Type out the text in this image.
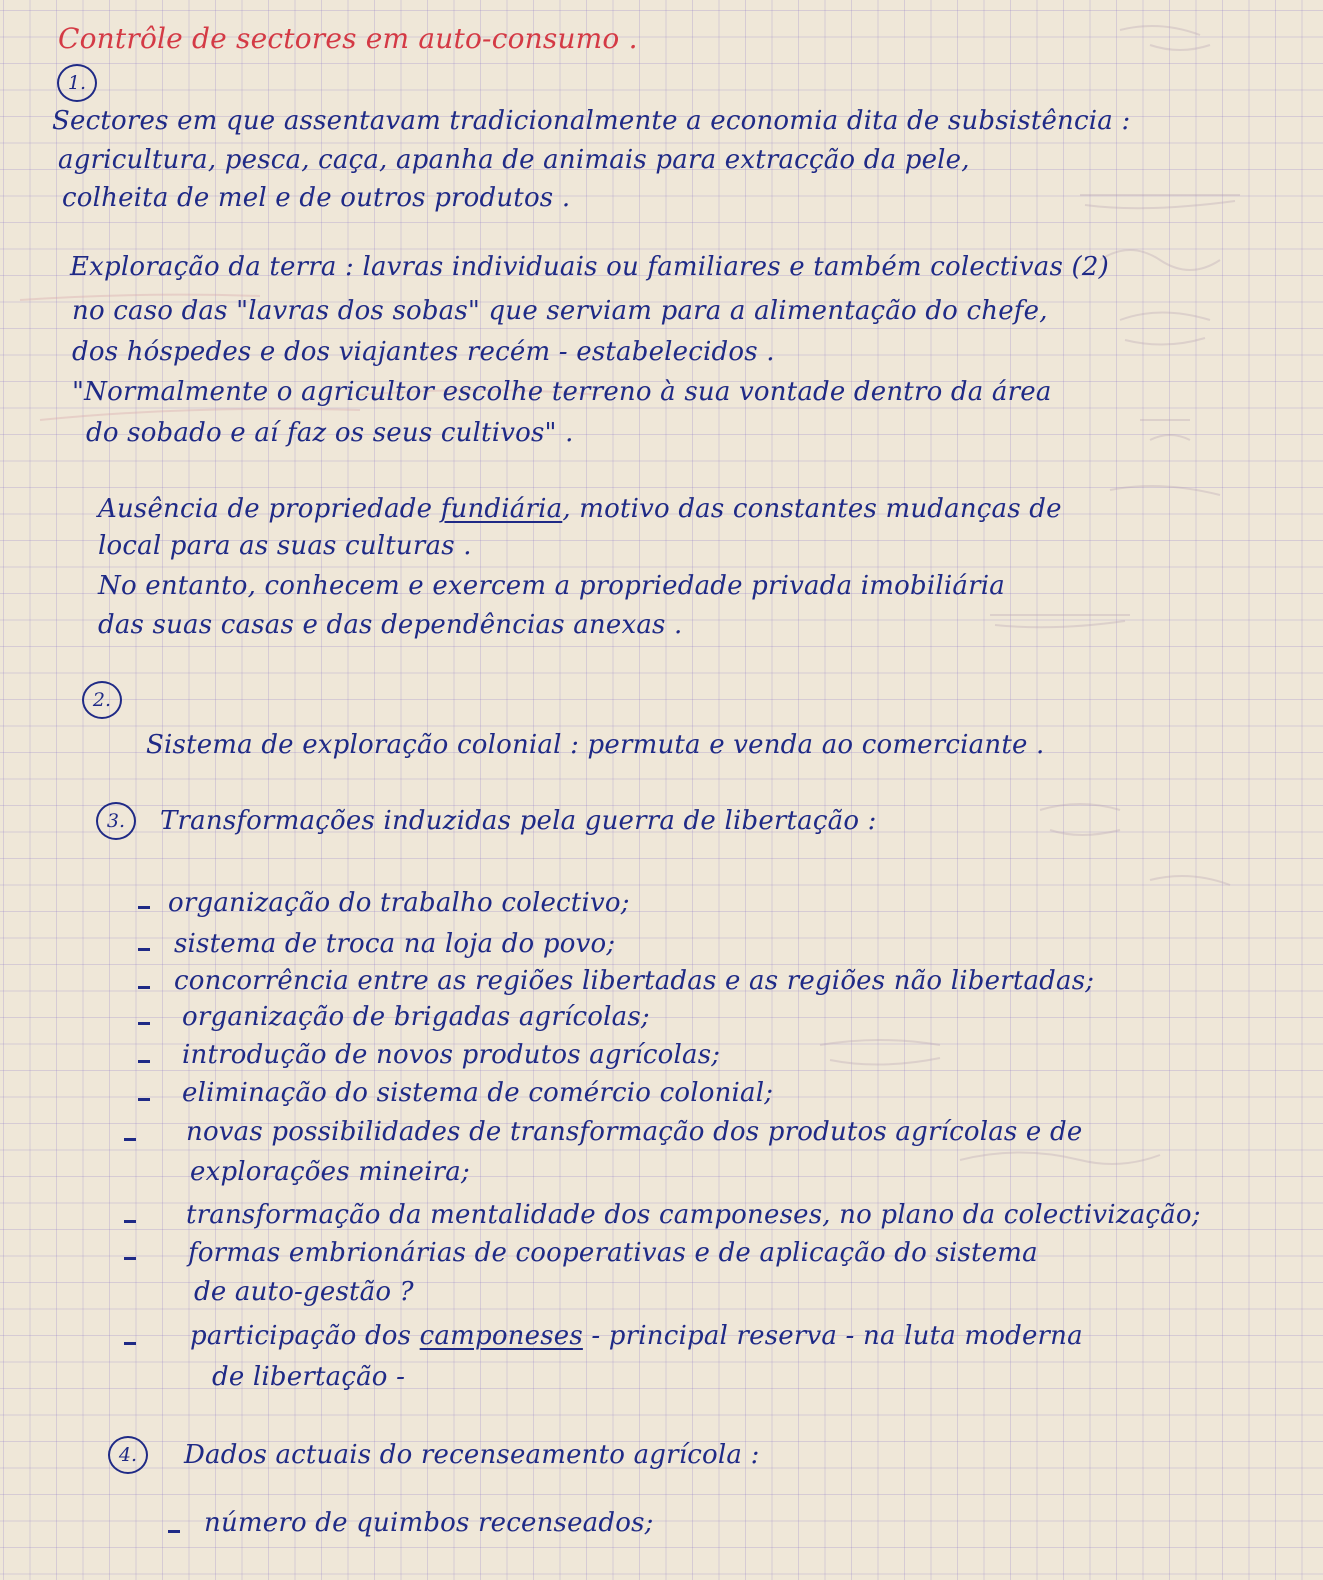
Contrôle de sectores em auto-consumo .
1.
Sectores em que assentavam tradicionalmente a economia dita de subsistência :
agricultura, pesca, caça, apanha de animais para extracção da pele,
colheita de mel e de outros produtos .
Exploração da terra : lavras individuais ou familiares e também colectivas (2)
no caso das "lavras dos sobas" que serviam para a alimentação do chefe,
dos hóspedes e dos viajantes recém - estabelecidos .
"Normalmente o agricultor escolhe terreno à sua vontade dentro da área
do sobado e aí faz os seus cultivos" .
Ausência de propriedade fundiária, motivo das constantes mudanças de
local para as suas culturas .
No entanto, conhecem e exercem a propriedade privada imobiliária
das suas casas e das dependências anexas .
2.
Sistema de exploração colonial : permuta e venda ao comerciante .
3.	Transformações induzidas pela guerra de libertação :
organização do trabalho colectivo;
sistema de troca na loja do povo;
concorrência entre as regiões libertadas e as regiões não libertadas;
organização de brigadas agrícolas;
introdução de novos produtos agrícolas;
eliminação do sistema de comércio colonial;
novas possibilidades de transformação dos produtos agrícolas e de
explorações mineira;
transformação da mentalidade dos camponeses, no plano da colectivização;
formas embrionárias de cooperativas e de aplicação do sistema
de auto-gestão ?
participação dos camponeses - principal reserva - na luta moderna
de libertação -
4.	Dados actuais do recenseamento agrícola :
número de quimbos recenseados;
